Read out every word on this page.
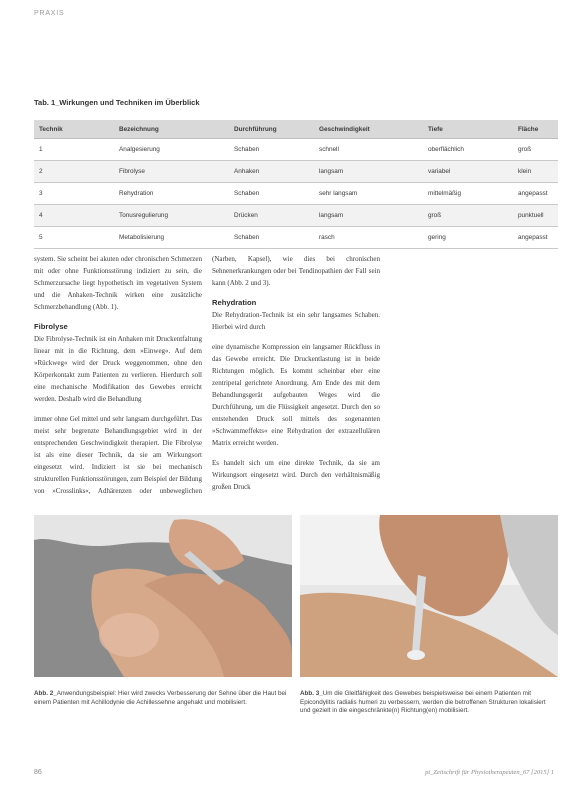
PRAXIS
Tab. 1_Wirkungen und Techniken im Überblick
Technik	Bezeichnung	Durchführung	Geschwindigkeit	Tiefe	Fläche
1	Analgesierung	Schaben	schnell	oberflächlich	groß
2	Fibrolyse	Anhaken	langsam	variabel	klein
3	Rehydration	Schaben	sehr langsam	mittelmäßig	angepasst
4	Tonusregulierung	Drücken	langsam	groß	punktuell
5	Metabolisierung	Schaben	rasch	gering	angepasst

system. Sie scheint bei akuten oder chronischen Schmerzen mit oder ohne Funktionsstörung indiziert zu sein, die Schmerzursache liegt hypothetisch im vegetativen System und die Anhaken-Technik wirken eine zusätzliche Schmerzbehandlung (Abb. 1).

Fibrolyse

Die Fibrolyse-Technik ist ein Anhaken mit Druckentfaltung linear mit in die Richtung, dem »Einweg«. Auf dem »Rückweg« wird der Druck weggenommen, ohne den Körperkontakt zum Patienten zu verlieren. Hierdurch soll eine mechanische Modifikation des Gewebes erreicht werden. Deshalb wird die Behandlung

immer ohne Gel mittel und sehr langsam durchgeführt. Das meist sehr begrenzte Behandlungsgebiet wird in der entsprechenden Geschwindigkeit therapiert. Die Fibrolyse ist als eine dieser Technik, da sie am Wirkungsort eingesetzt wird. Indiziert ist sie bei mechanisch strukturellen Funktionsstörungen, zum Beispiel der Bildung von »Crosslinks«, Adhärenzen oder unbeweglichen (Narben, Kapsel), wie dies bei chronischen Sehnenerkrankungen oder bei Tendinopathien der Fall sein kann (Abb. 2 und 3).

Rehydration

Die Rehydration-Technik ist ein sehr langsames Schaben. Hierbei wird durch

eine dynamische Kompression ein langsamer Rückfluss in das Gewebe erreicht. Die Druckentlastung ist in beide Richtungen möglich. Es kommt scheinbar eher eine zentripetal gerichtete Anordnung. Am Ende des mit dem Behandlungsgerät aufgebauten Weges wird die Durchführung, um die Flüssigkeit angesetzt. Durch den so entstehenden Druck soll mittels des sogenannten »Schwammeffekts« eine Rehydration der extrazellulären Matrix erreicht werden.

Es handelt sich um eine direkte Technik, da sie am Wirkungsort eingesetzt wird. Durch den verhältnismäßig großen Druck

Abb. 2_Anwendungsbeispiel: Hier wird zwecks Verbesserung der Sehne über die Haut bei einem Patienten mit Achillodynie die Achillessehne angehakt und mobilisiert.
Abb. 3_Um die Gleitfähigkeit des Gewebes beispielsweise bei einem Patienten mit Epicondylitis radialis humeri zu verbessern, werden die betroffenen Strukturen lokalisiert und gezielt in die eingeschränkte(n) Richtung(en) mobilisiert.
86	pt_Zeitschrift für Physiotherapeuten_67 [2015] 1
